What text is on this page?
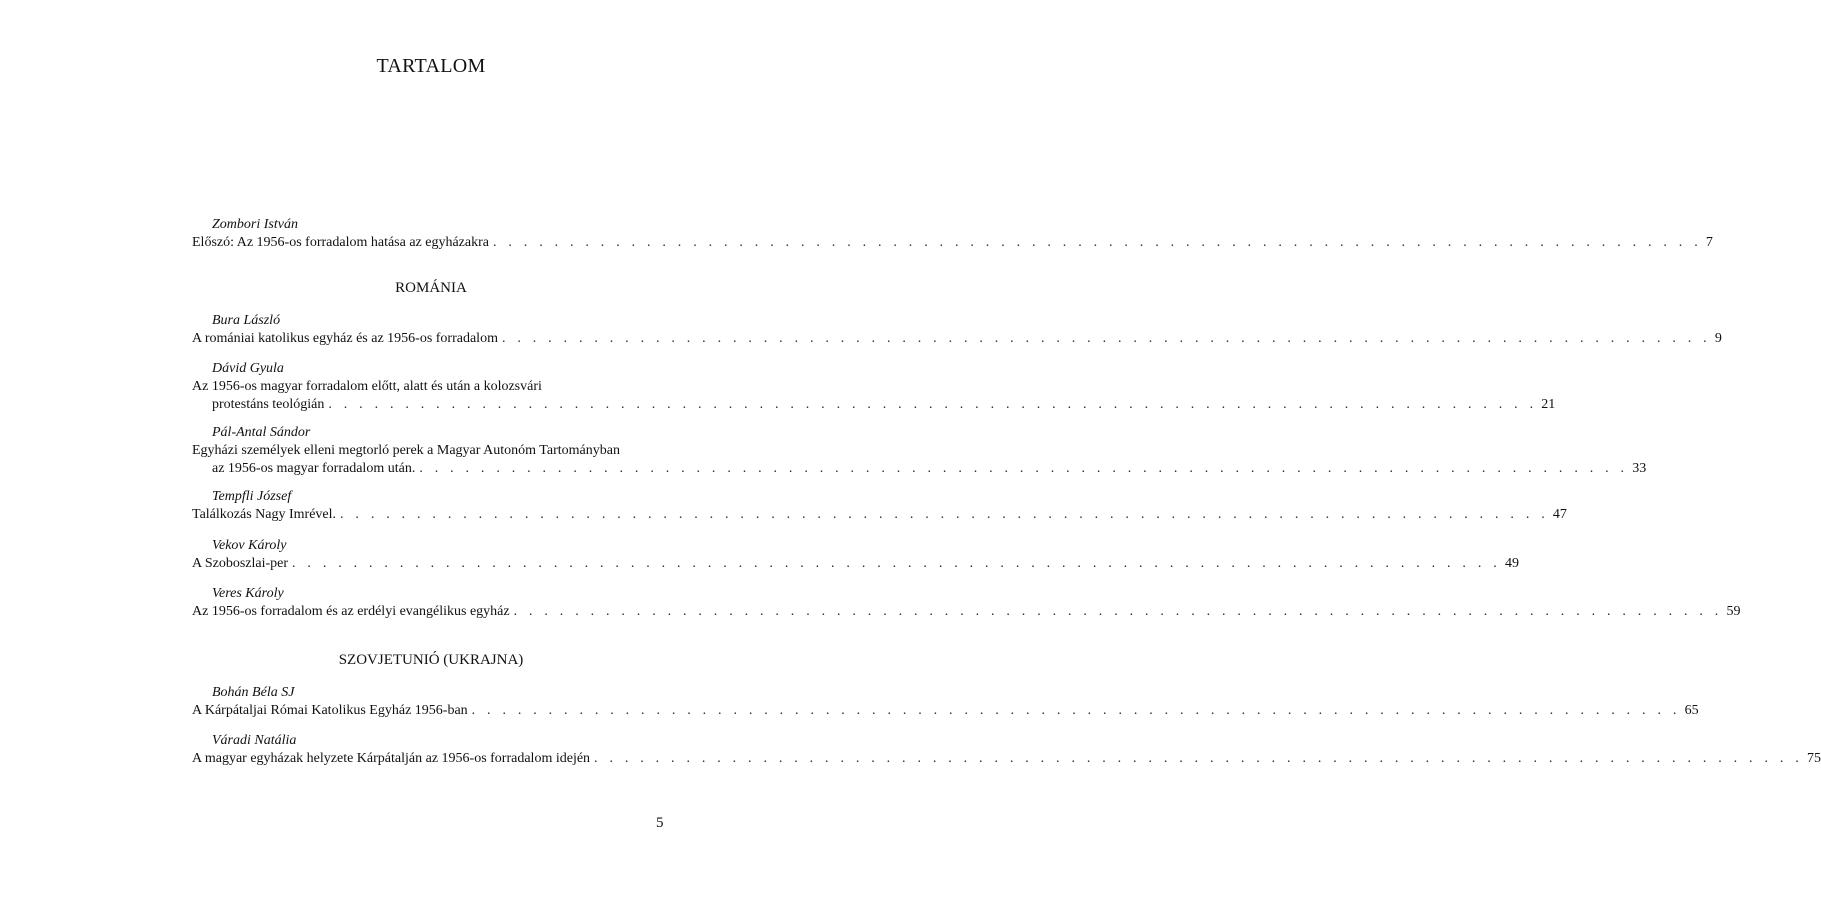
TARTALOM
Zombori István
Előszó: Az 1956-os forradalom hatása az egyházakra . . . . . . . . . . . . . . . . . . . . . . . . . . . . . . . . . . . . . . . . . . . . . . . . . . . . . . . . . . . . . . . . . . . . . . . . . . . . . . . 7
ROMÁNIA
Bura László
A romániai katolikus egyház és az 1956-os forradalom . . . . . . . . . . . . . . . . . . . . . . . . . . . . . . . . . . . . . . . . . . . . . . . . . . . . . . . . . . . . . . . . . . . . . . . . . . . . . . . 9
Dávid Gyula
Az 1956-os magyar forradalom előtt, alatt és után a kolozsvári
protestáns teológián . . . . . . . . . . . . . . . . . . . . . . . . . . . . . . . . . . . . . . . . . . . . . . . . . . . . . . . . . . . . . . . . . . . . . . . . . . . . . . . 21
Pál-Antal Sándor
Egyházi személyek elleni megtorló perek a Magyar Autonóm Tartományban
az 1956-os magyar forradalom után. . . . . . . . . . . . . . . . . . . . . . . . . . . . . . . . . . . . . . . . . . . . . . . . . . . . . . . . . . . . . . . . . . . . . . . . . . . . . . . . 33
Tempfli József
Találkozás Nagy Imrével. . . . . . . . . . . . . . . . . . . . . . . . . . . . . . . . . . . . . . . . . . . . . . . . . . . . . . . . . . . . . . . . . . . . . . . . . . . . . . . . 47
Vekov Károly
A Szoboszlai-per . . . . . . . . . . . . . . . . . . . . . . . . . . . . . . . . . . . . . . . . . . . . . . . . . . . . . . . . . . . . . . . . . . . . . . . . . . . . . . . 49
Veres Károly
Az 1956-os forradalom és az erdélyi evangélikus egyház . . . . . . . . . . . . . . . . . . . . . . . . . . . . . . . . . . . . . . . . . . . . . . . . . . . . . . . . . . . . . . . . . . . . . . . . . . . . . . . 59
SZOVJETUNIÓ (UKRAJNA)
Bohán Béla SJ
A Kárpátaljai Római Katolikus Egyház 1956-ban . . . . . . . . . . . . . . . . . . . . . . . . . . . . . . . . . . . . . . . . . . . . . . . . . . . . . . . . . . . . . . . . . . . . . . . . . . . . . . . 65
Váradi Natália
A magyar egyházak helyzete Kárpátalján az 1956-os forradalom idején . . . . . . . . . . . . . . . . . . . . . . . . . . . . . . . . . . . . . . . . . . . . . . . . . . . . . . . . . . . . . . . . . . . . . . . . . . . . . . . 75
5
